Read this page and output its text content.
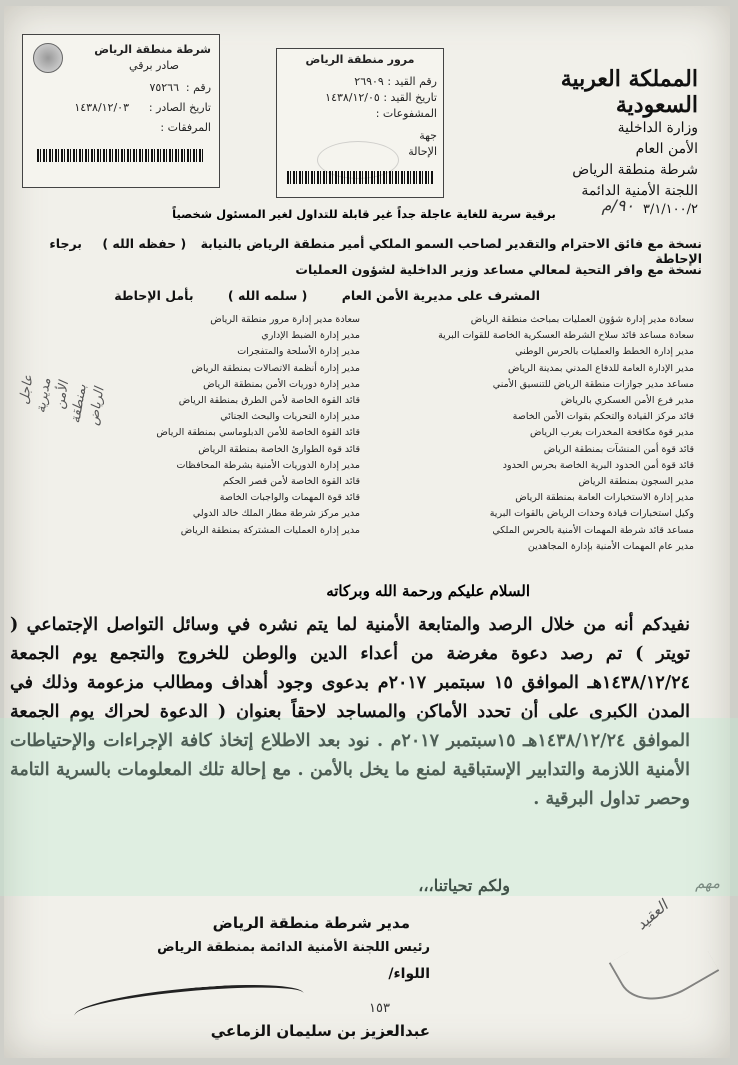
المملكة العربية السعودية
وزارة الداخلية
الأمن العام
شرطة منطقة الرياض
اللجنة الأمنية الدائمة
٣/١/١٠٠/٢
٩٠/م
مرور منطقة الرياض
رقم القيد : ٢٦٩٠٩
تاريخ القيد : ١٤٣٨/١٢/٠٥
المشفوعات :
جهة
الإحالة
شرطة منطقة الرياض
صادر برقي
رقم :
٧٥٢٦٦
تاريخ الصادر :
١٤٣٨/١٢/٠٣
المرفقات :
برقية سرية للغاية عاجلة جداً غير قابلة للتداول لغير المسئول شخصياً
نسخة مع فائق الاحترام والتقدير لصاحب السمو الملكي أمير منطقة الرياض بالنيابة ( حفظه الله ) برجاء الإحاطة
نسخة مع وافر التحية لمعالي مساعد وزير الداخلية لشؤون العمليات
المشرف على مديرية الأمن العام ( سلمه الله ) بأمل الإحاطة
سعادة مدير إدارة شؤون العمليات بمباحث منطقة الرياض
سعادة مساعد قائد سلاح الشرطة العسكرية الخاصة للقوات البرية
مدير إدارة الخطط والعمليات بالحرس الوطني
مدير الإدارة العامة للدفاع المدني بمدينة الرياض
مساعد مدير جوازات منطقة الرياض للتنسيق الأمني
مدير فرع الأمن العسكري بالرياض
قائد مركز القيادة والتحكم بقوات الأمن الخاصة
مدير قوة مكافحة المخدرات بغرب الرياض
قائد قوة أمن المنشآت بمنطقة الرياض
قائد قوة أمن الحدود البرية الخاصة بحرس الحدود
مدير السجون بمنطقة الرياض
مدير إدارة الاستخبارات العامة بمنطقة الرياض
وكيل استخبارات قيادة وحدات الرياض بالقوات البرية
مساعد قائد شرطة المهمات الأمنية بالحرس الملكي
مدير عام المهمات الأمنية بإدارة المجاهدين
سعادة مدير إدارة مرور منطقة الرياض
مدير إدارة الضبط الإداري
مدير إدارة الأسلحة والمتفجرات
مدير إدارة أنظمة الاتصالات بمنطقة الرياض
مدير إدارة دوريات الأمن بمنطقة الرياض
قائد القوة الخاصة لأمن الطرق بمنطقة الرياض
مدير إدارة التحريات والبحث الجنائي
قائد القوة الخاصة للأمن الدبلوماسي بمنطقة الرياض
قائد قوة الطوارئ الخاصة بمنطقة الرياض
مدير إدارة الدوريات الأمنية بشرطة المحافظات
قائد القوة الخاصة لأمن قصر الحكم
قائد قوة المهمات والواجبات الخاصة
مدير مركز شرطة مطار الملك خالد الدولي
مدير إدارة العمليات المشتركة بمنطقة الرياض
عاجل
مديرية الأمن
بمنطقة الرياض
السلام عليكم ورحمة الله وبركاته
نفيدكم أنه من خلال الرصد والمتابعة الأمنية لما يتم نشره في وسائل التواصل الإجتماعي ( تويتر ) تم رصد دعوة مغرضة من أعداء الدين والوطن للخروج والتجمع يوم الجمعة ١٤٣٨/١٢/٢٤هـ الموافق ١٥ سبتمبر ٢٠١٧م بدعوى وجود أهداف ومطالب مزعومة وذلك في المدن الكبرى على أن تحدد الأماكن والمساجد لاحقاً بعنوان ( الدعوة لحراك يوم الجمعة الموافق ١٤٣٨/١٢/٢٤هـ ١٥سبتمبر ٢٠١٧م . نود بعد الاطلاع إتخاذ كافة الإجراءات والإحتياطات الأمنية اللازمة والتدابير الإستباقية لمنع ما يخل بالأمن . مع إحالة تلك المعلومات بالسرية التامة وحصر تداول البرقية .
ولكم تحياتنا،،،
مدير شرطة منطقة الرياض
رئيس اللجنة الأمنية الدائمة بمنطقة الرياض
اللواء/
١٥٣
عبدالعزيز بن سليمان الزماعي
مهم
العقيد
